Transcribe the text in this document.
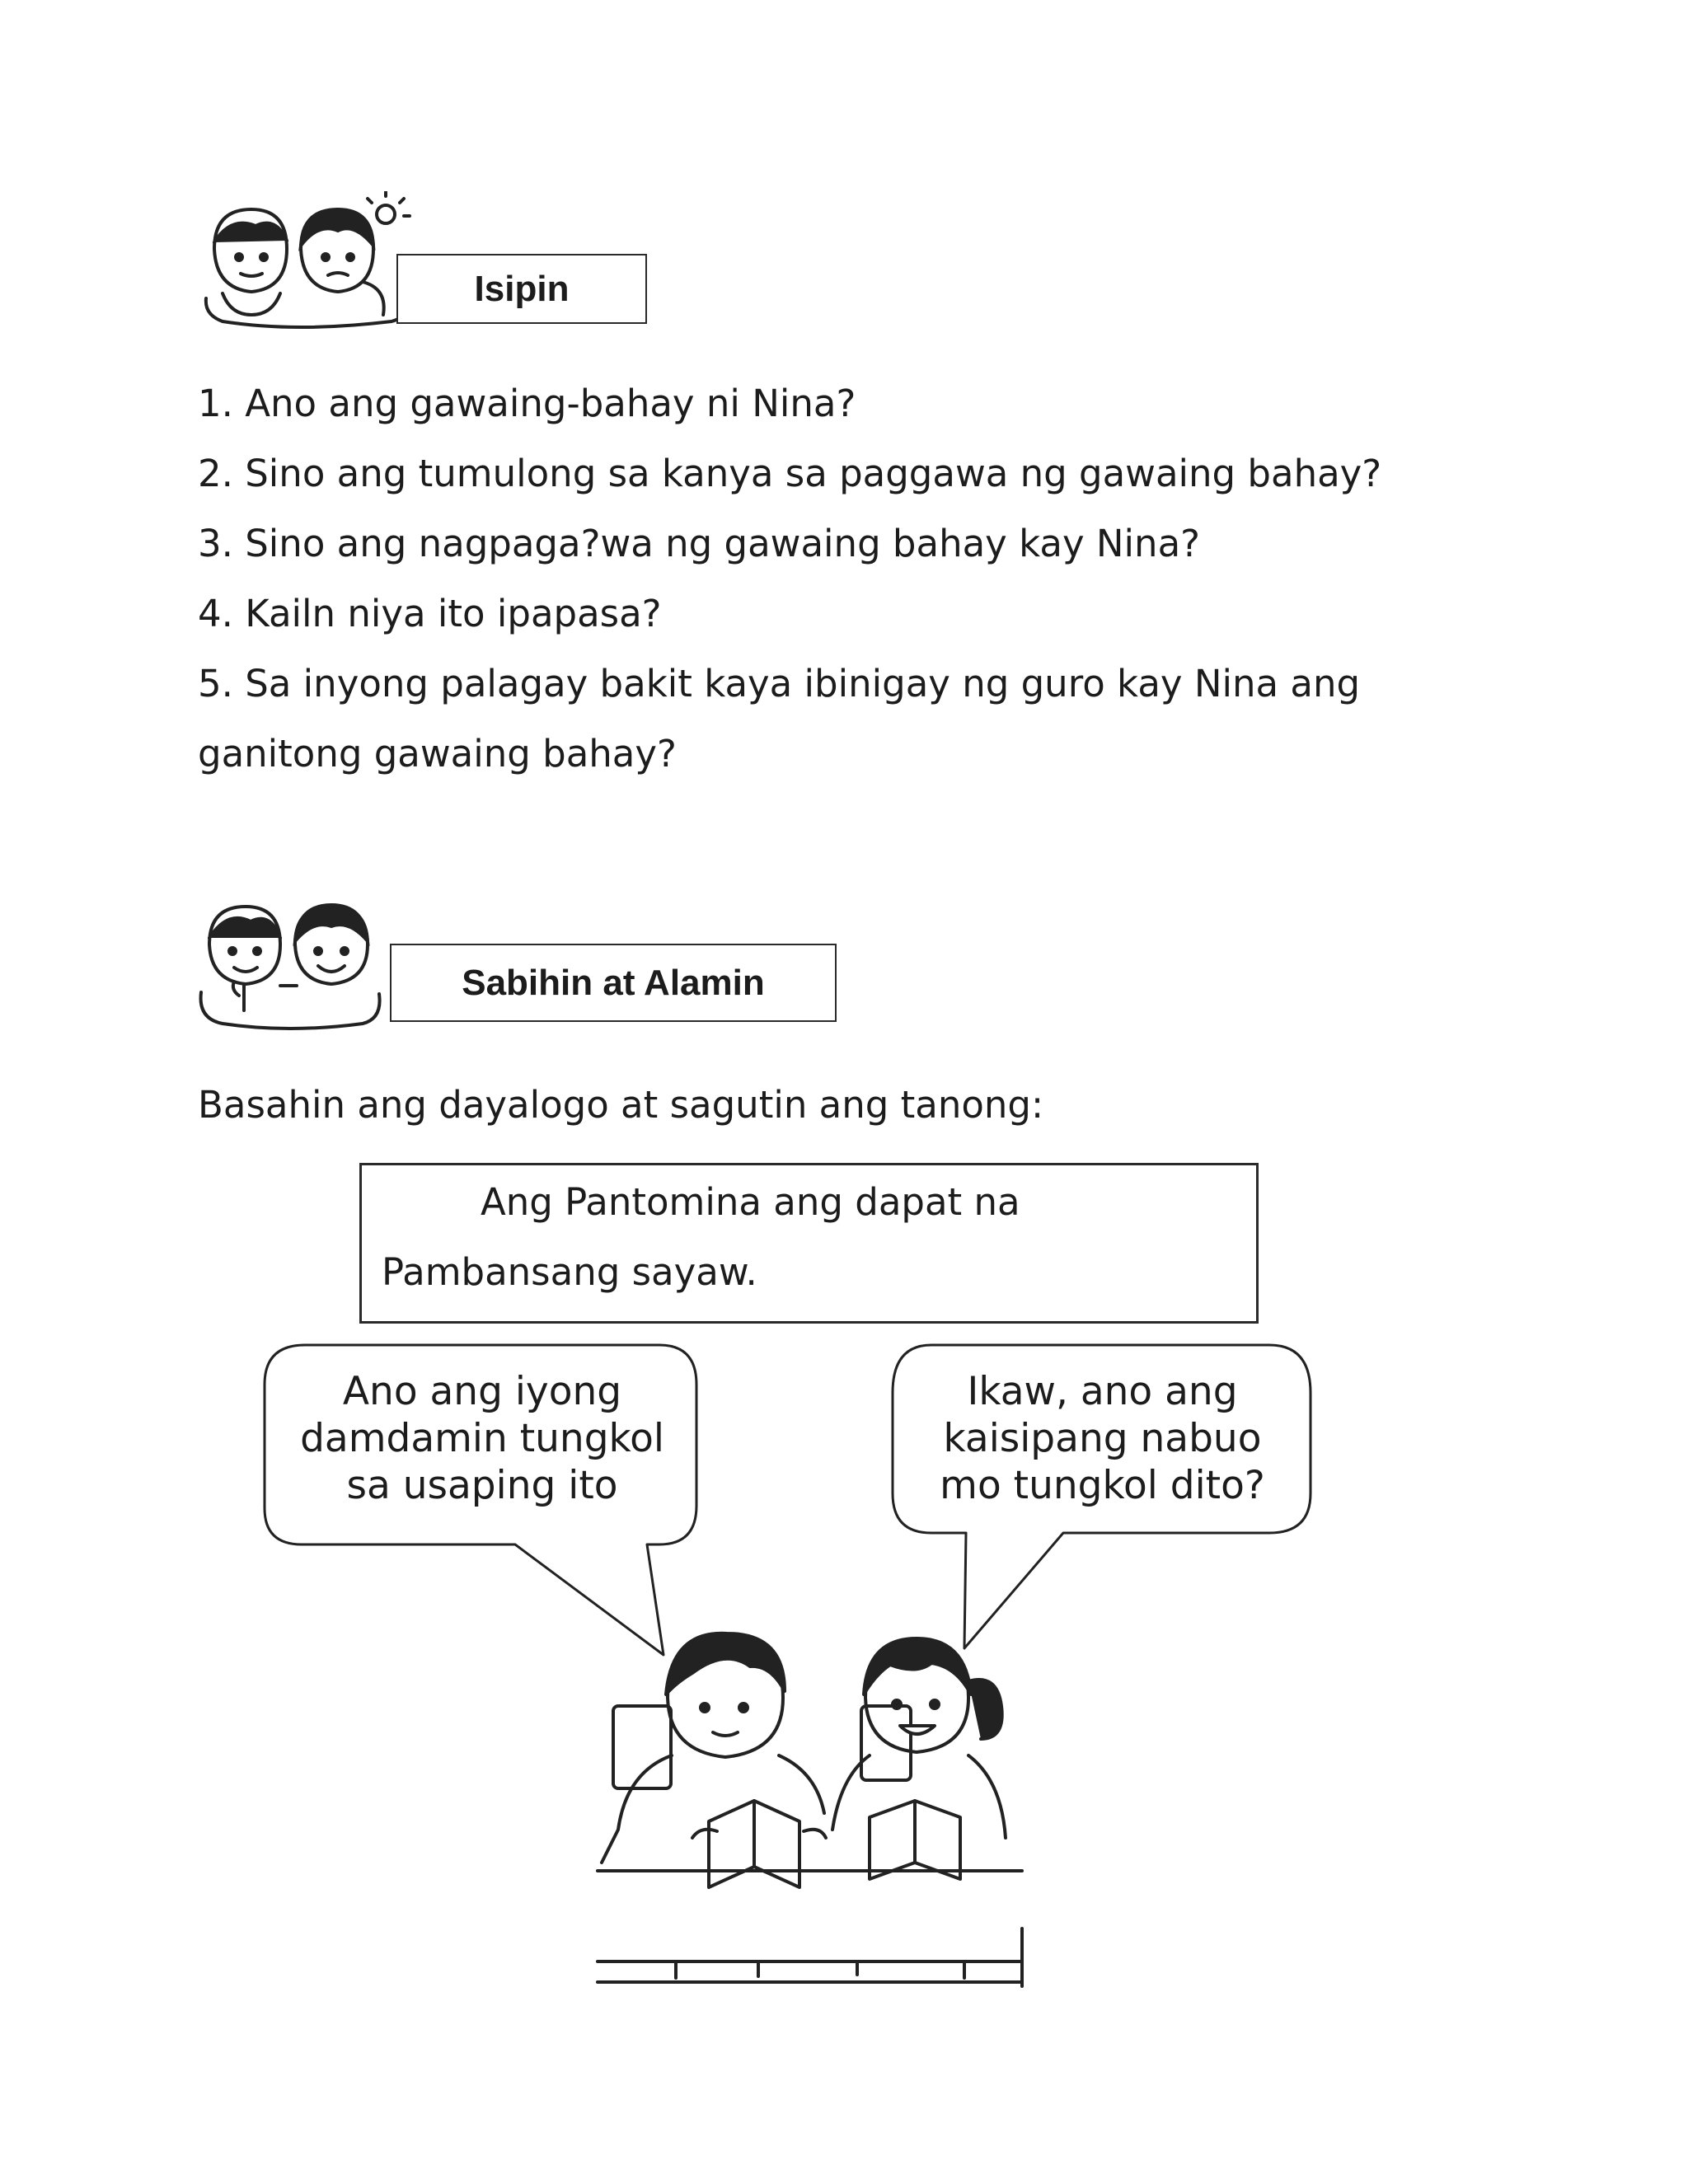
Isipin
1. Ano ang gawaing-bahay ni Nina?
2. Sino ang tumulong sa kanya sa paggawa ng gawaing bahay?
3. Sino ang nagpaga?wa ng gawaing bahay kay Nina?
4. Kailn niya ito ipapasa?
5. Sa inyong palagay bakit kaya ibinigay ng guro kay Nina ang
ganitong gawaing bahay?
Sabihin at Alamin
Basahin ang dayalogo at sagutin ang tanong:
Ang Pantomina ang dapat na
Pambansang sayaw.
Ano ang iyong
damdamin tungkol
sa usaping ito
Ikaw, ano ang
kaisipang nabuo
mo tungkol dito?
